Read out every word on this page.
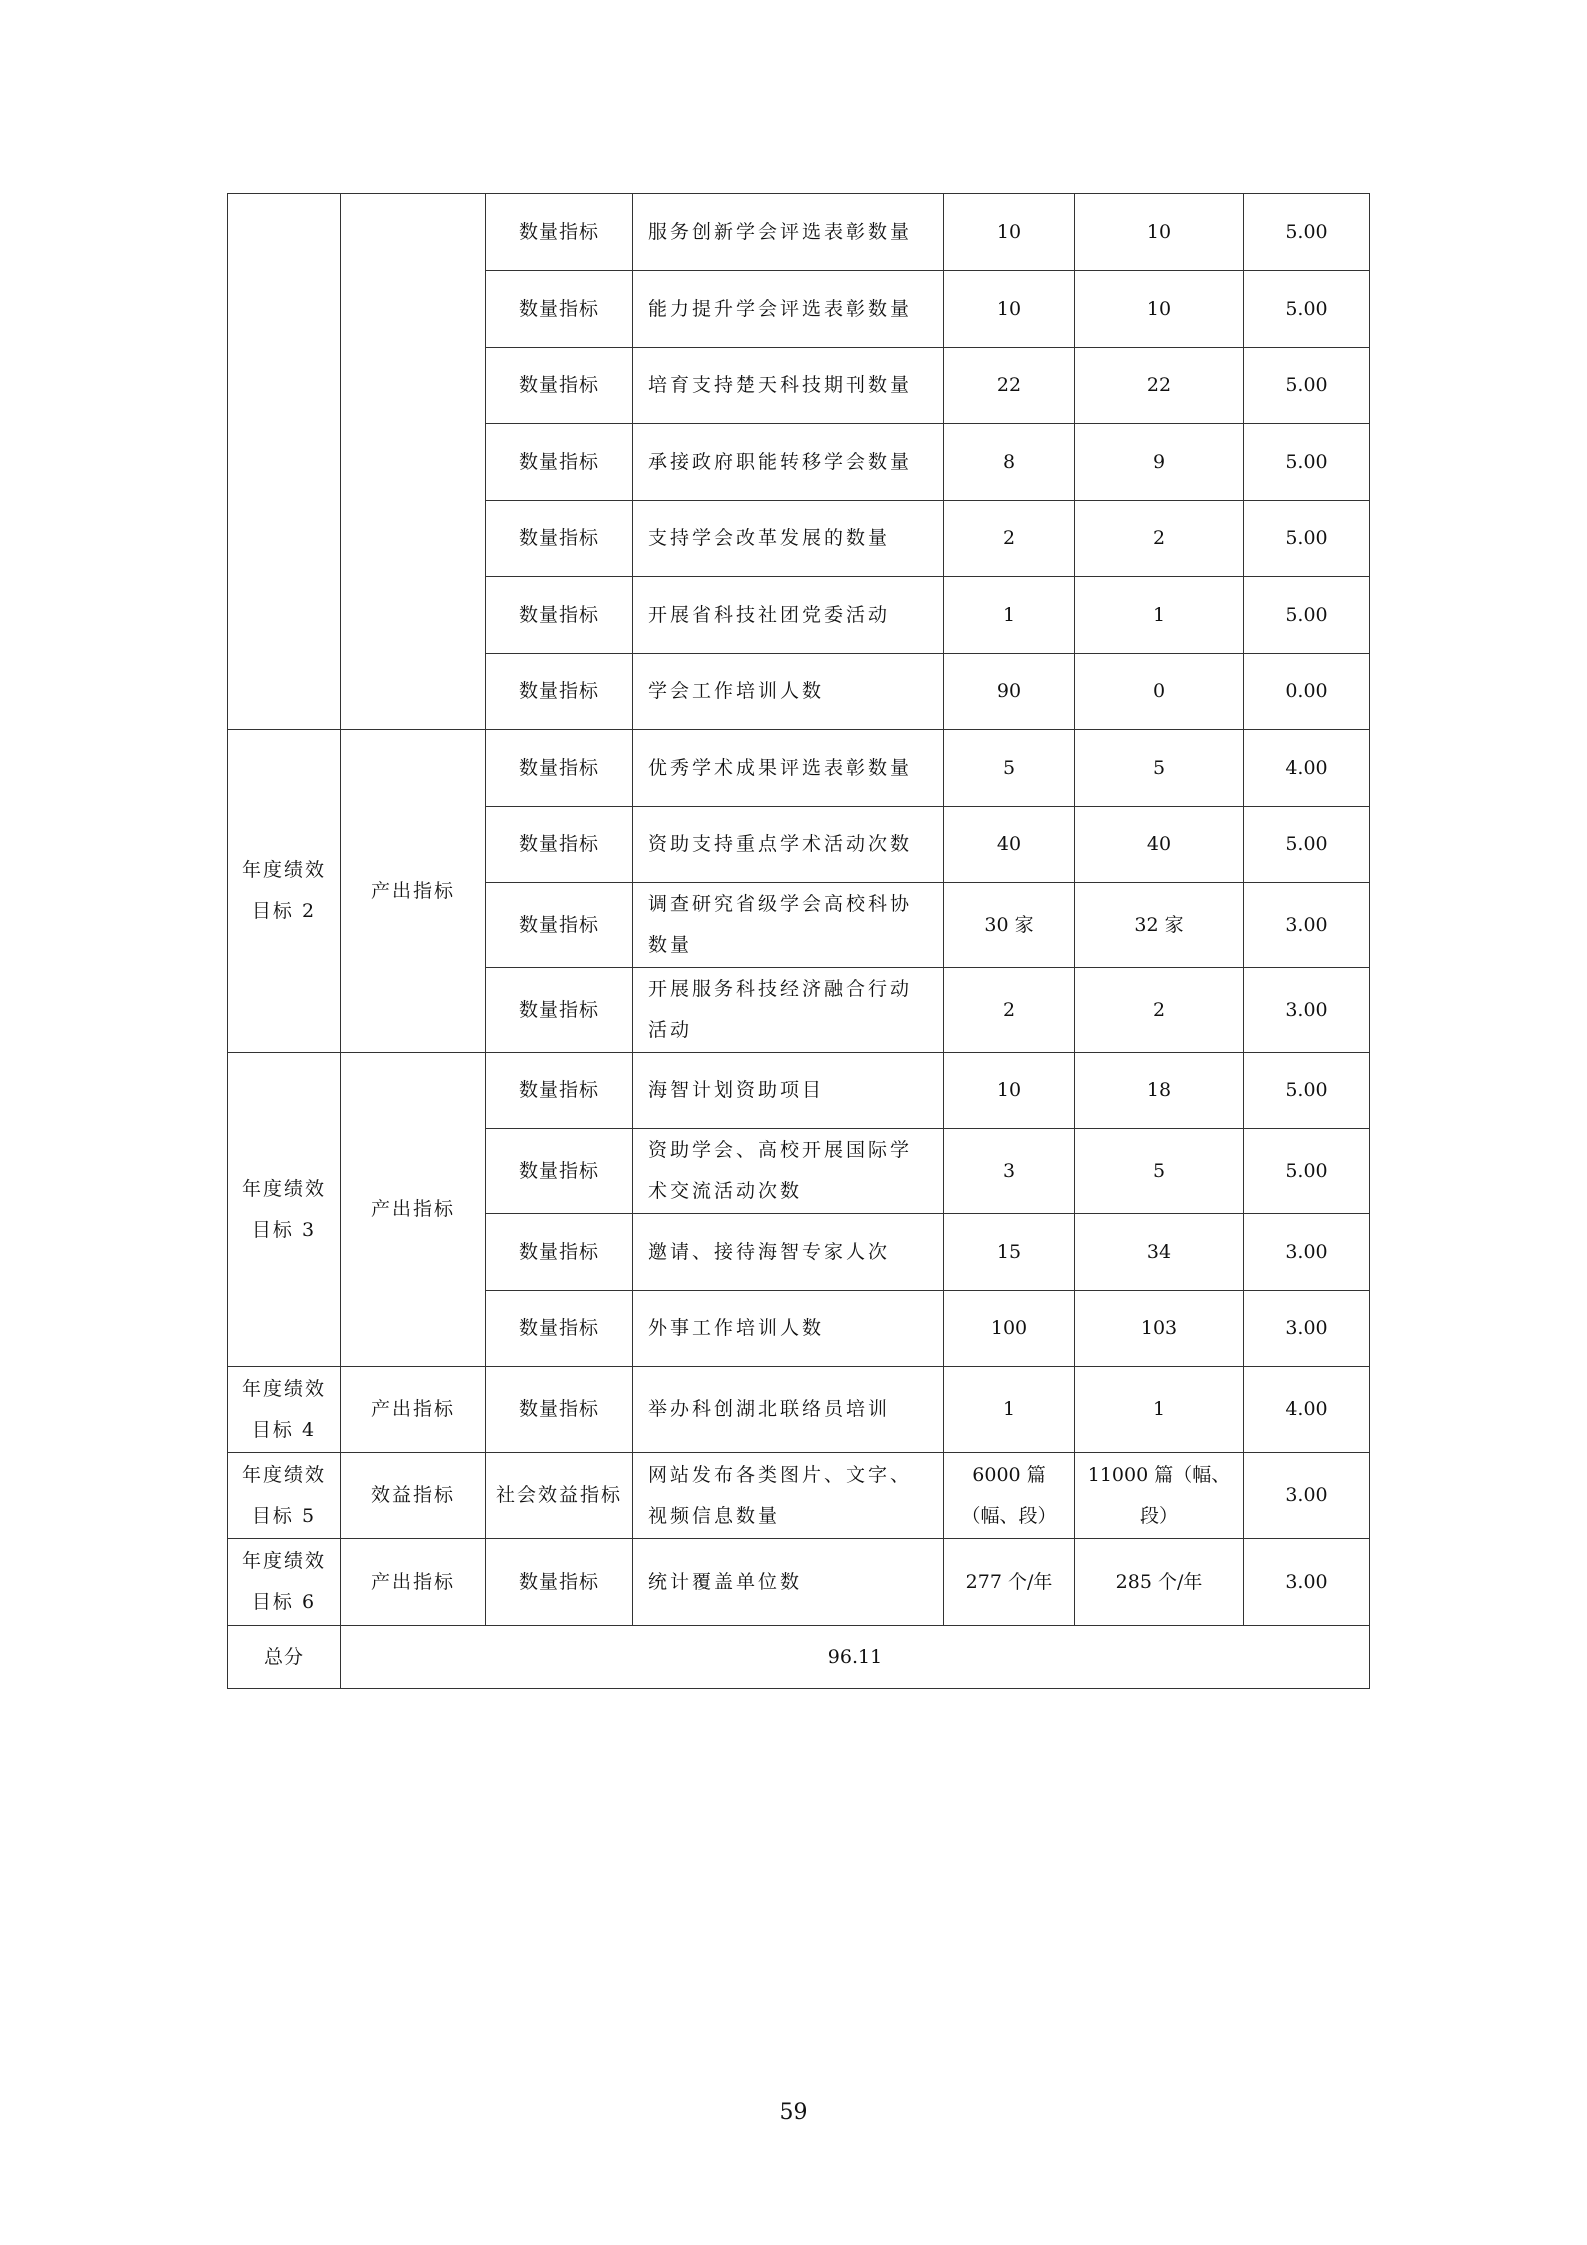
		数量指标	服务创新学会评选表彰数量	10	10	5.00
		数量指标	能力提升学会评选表彰数量	10	10	5.00
		数量指标	培育支持楚天科技期刊数量	22	22	5.00
		数量指标	承接政府职能转移学会数量	8	9	5.00
		数量指标	支持学会改革发展的数量	2	2	5.00
		数量指标	开展省科技社团党委活动	1	1	5.00
		数量指标	学会工作培训人数	90	0	0.00
年度绩效目标 2	产出指标	数量指标	优秀学术成果评选表彰数量	5	5	4.00
		数量指标	资助支持重点学术活动次数	40	40	5.00
		数量指标	调查研究省级学会高校科协数量	30 家	32 家	3.00
		数量指标	开展服务科技经济融合行动活动	2	2	3.00
年度绩效目标 3	产出指标	数量指标	海智计划资助项目	10	18	5.00
		数量指标	资助学会、高校开展国际学术交流活动次数	3	5	5.00
		数量指标	邀请、接待海智专家人次	15	34	3.00
		数量指标	外事工作培训人数	100	103	3.00
年度绩效目标 4	产出指标	数量指标	举办科创湖北联络员培训	1	1	4.00
年度绩效目标 5	效益指标	社会效益指标	网站发布各类图片、文字、视频信息数量	6000 篇（幅、段）	11000 篇（幅、段）	3.00
年度绩效目标 6	产出指标	数量指标	统计覆盖单位数	277 个/年	285 个/年	3.00
总分	96.11					
59
